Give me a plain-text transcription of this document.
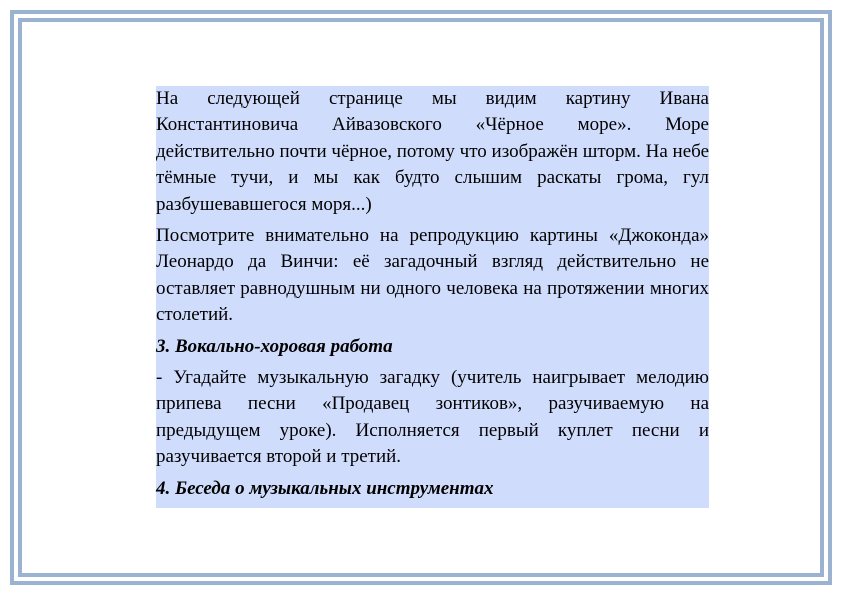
На следующей странице мы видим картину Ивана Константиновича Айвазовского «Чёрное море». Море действительно почти чёрное, потому что изображён шторм. На небе тёмные тучи, и мы как будто слышим раскаты грома, гул разбушевавшегося моря...)

Посмотрите внимательно на репродукцию картины «Джоконда» Леонардо да Винчи: её загадочный взгляд действительно не оставляет равнодушным ни одного человека на протяжении многих столетий.

3. Вокально-хоровая работа

- Угадайте музыкальную загадку (учитель наигрывает мелодию припева песни «Продавец зонтиков», разучиваемую на предыдущем уроке). Исполняется первый куплет песни и разучивается второй и третий.

4. Беседа о музыкальных инструментах
